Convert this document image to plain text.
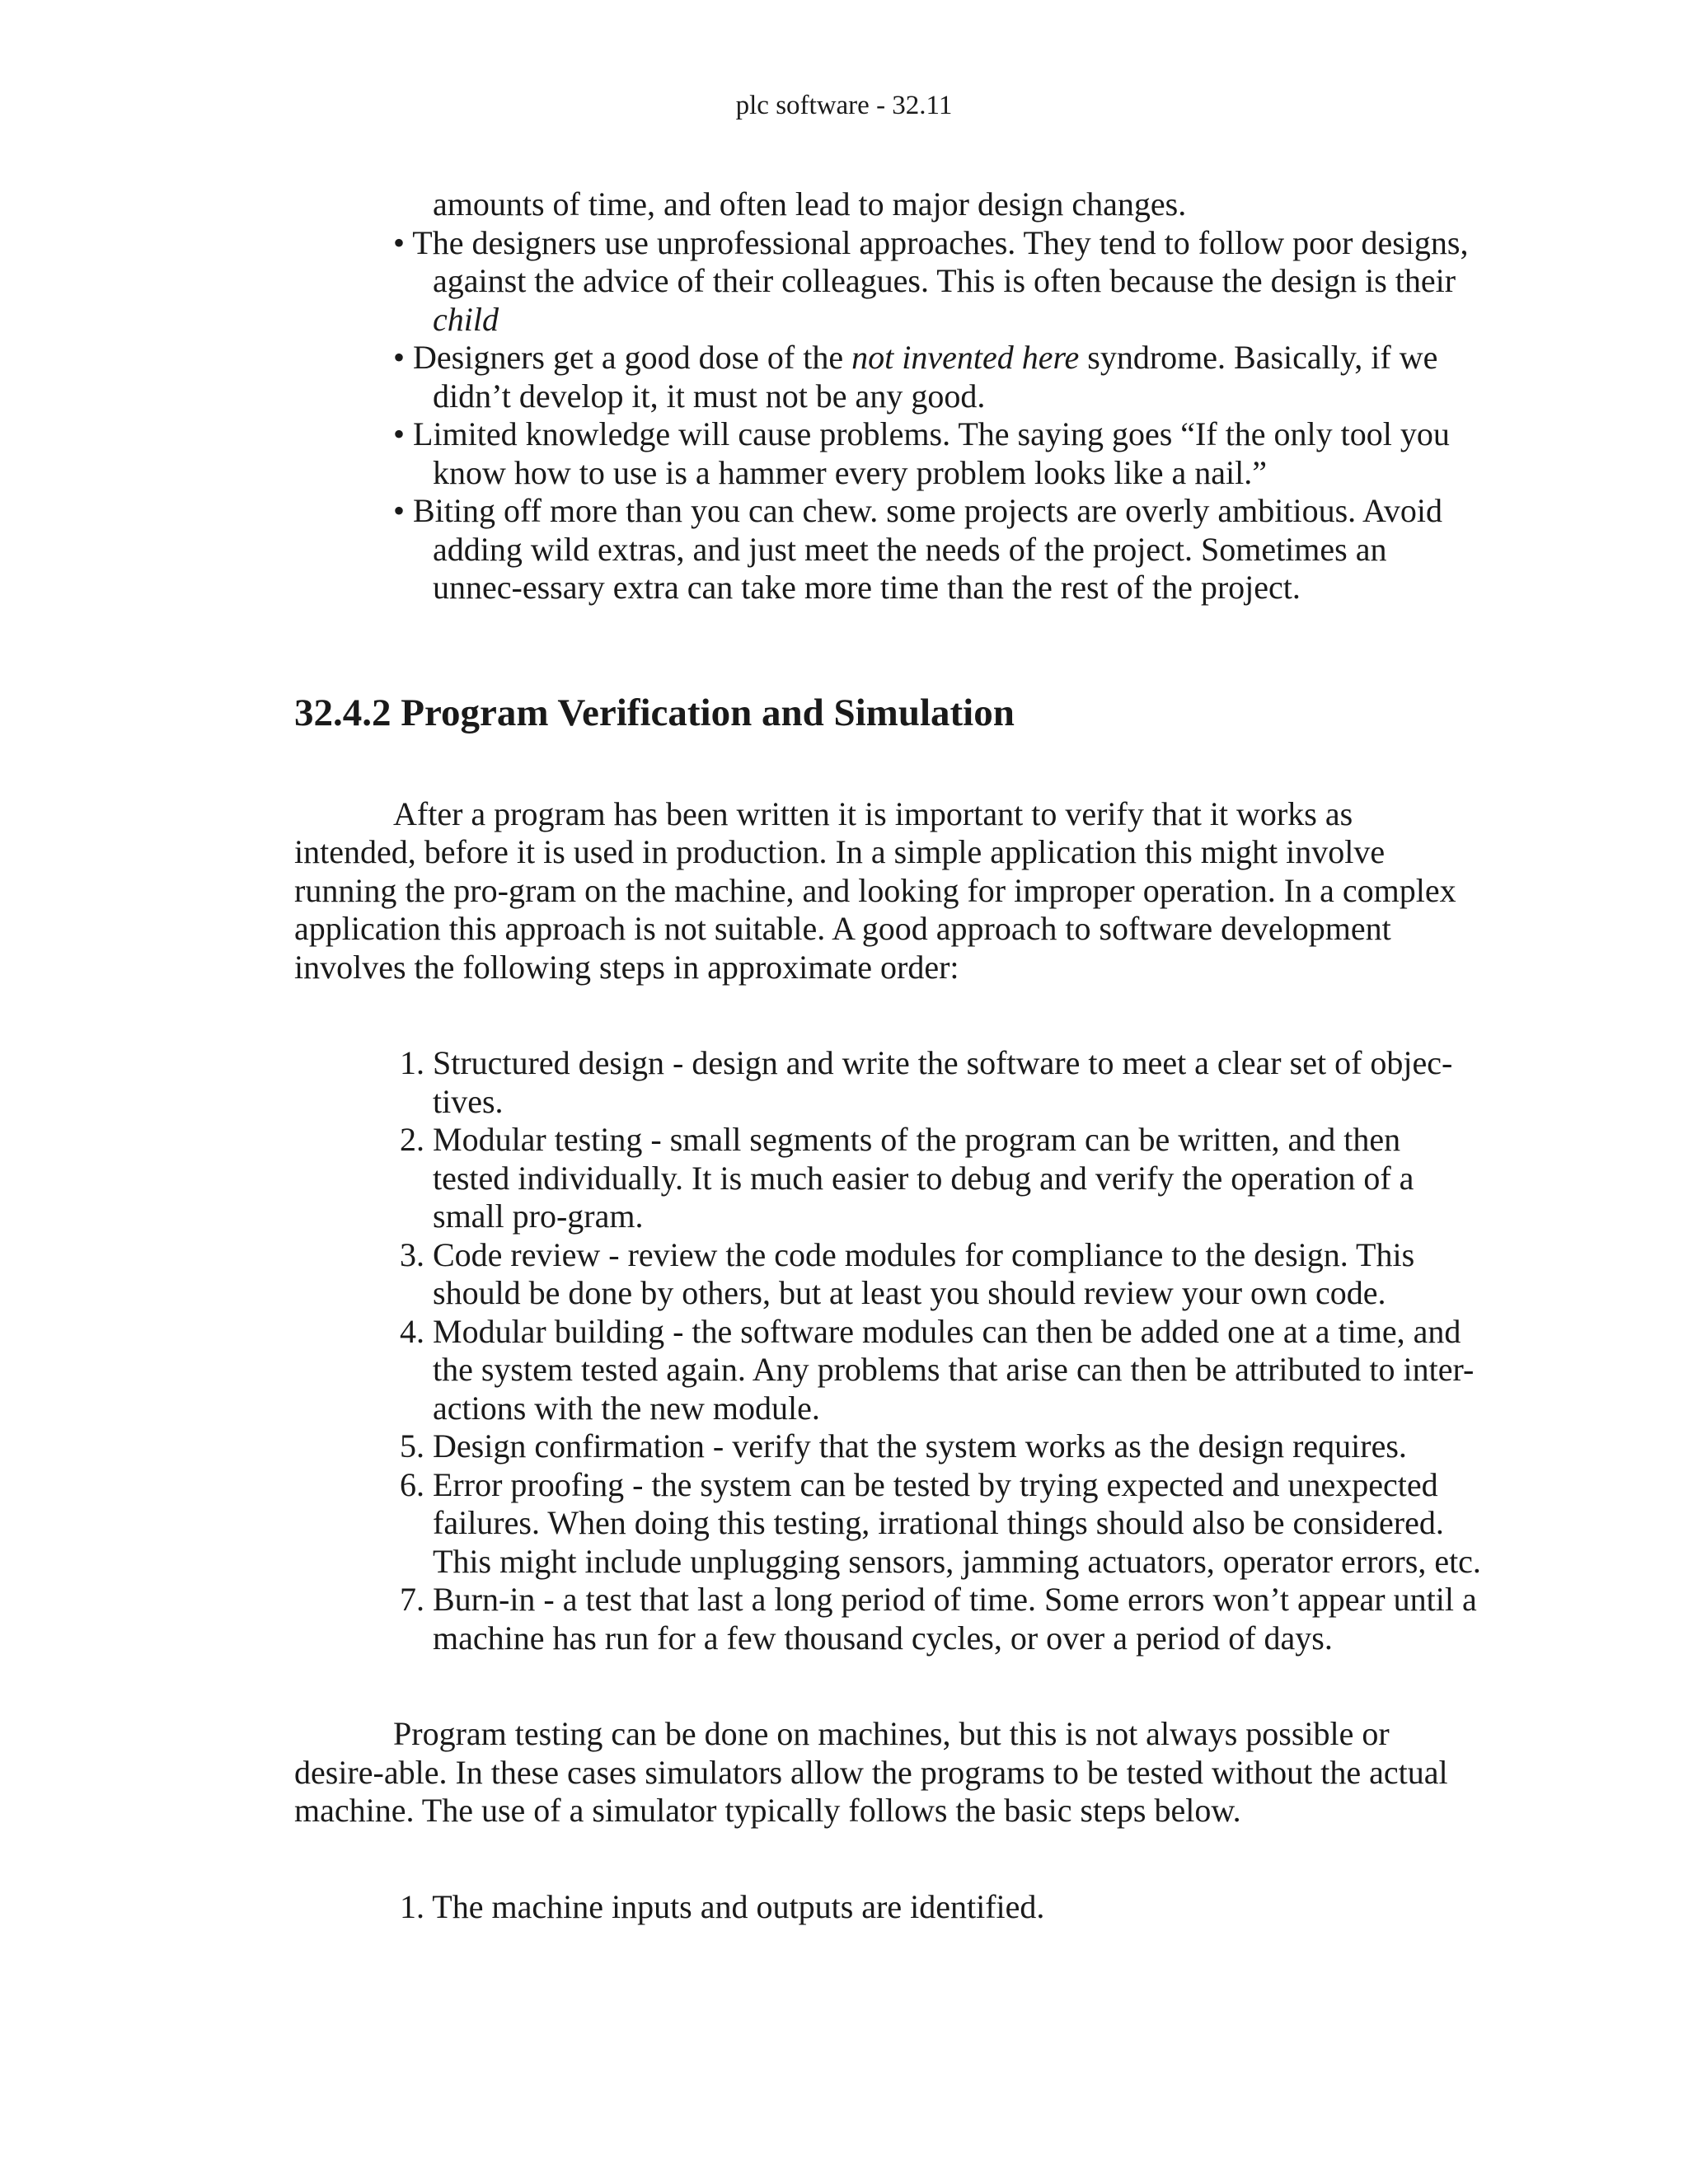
plc software - 32.11
amounts of time, and often lead to major design changes.
• The designers use unprofessional approaches. They tend to follow poor designs, against the advice of their colleagues. This is often because the design is their child
• Designers get a good dose of the not invented here syndrome. Basically, if we didn’t develop it, it must not be any good.
• Limited knowledge will cause problems. The saying goes “If the only tool you know how to use is a hammer every problem looks like a nail.”
• Biting off more than you can chew. some projects are overly ambitious. Avoid adding wild extras, and just meet the needs of the project. Sometimes an unnec-essary extra can take more time than the rest of the project.
32.4.2 Program Verification and Simulation
After a program has been written it is important to verify that it works as intended, before it is used in production. In a simple application this might involve running the pro-gram on the machine, and looking for improper operation. In a complex application this approach is not suitable. A good approach to software development involves the following steps in approximate order:
1. Structured design - design and write the software to meet a clear set of objec-tives.
2. Modular testing - small segments of the program can be written, and then tested individually. It is much easier to debug and verify the operation of a small pro-gram.
3. Code review - review the code modules for compliance to the design. This should be done by others, but at least you should review your own code.
4. Modular building - the software modules can then be added one at a time, and the system tested again. Any problems that arise can then be attributed to inter-actions with the new module.
5. Design confirmation - verify that the system works as the design requires.
6. Error proofing - the system can be tested by trying expected and unexpected failures. When doing this testing, irrational things should also be considered. This might include unplugging sensors, jamming actuators, operator errors, etc.
7. Burn-in - a test that last a long period of time. Some errors won’t appear until a machine has run for a few thousand cycles, or over a period of days.
Program testing can be done on machines, but this is not always possible or desire-able. In these cases simulators allow the programs to be tested without the actual machine. The use of a simulator typically follows the basic steps below.
1. The machine inputs and outputs are identified.
